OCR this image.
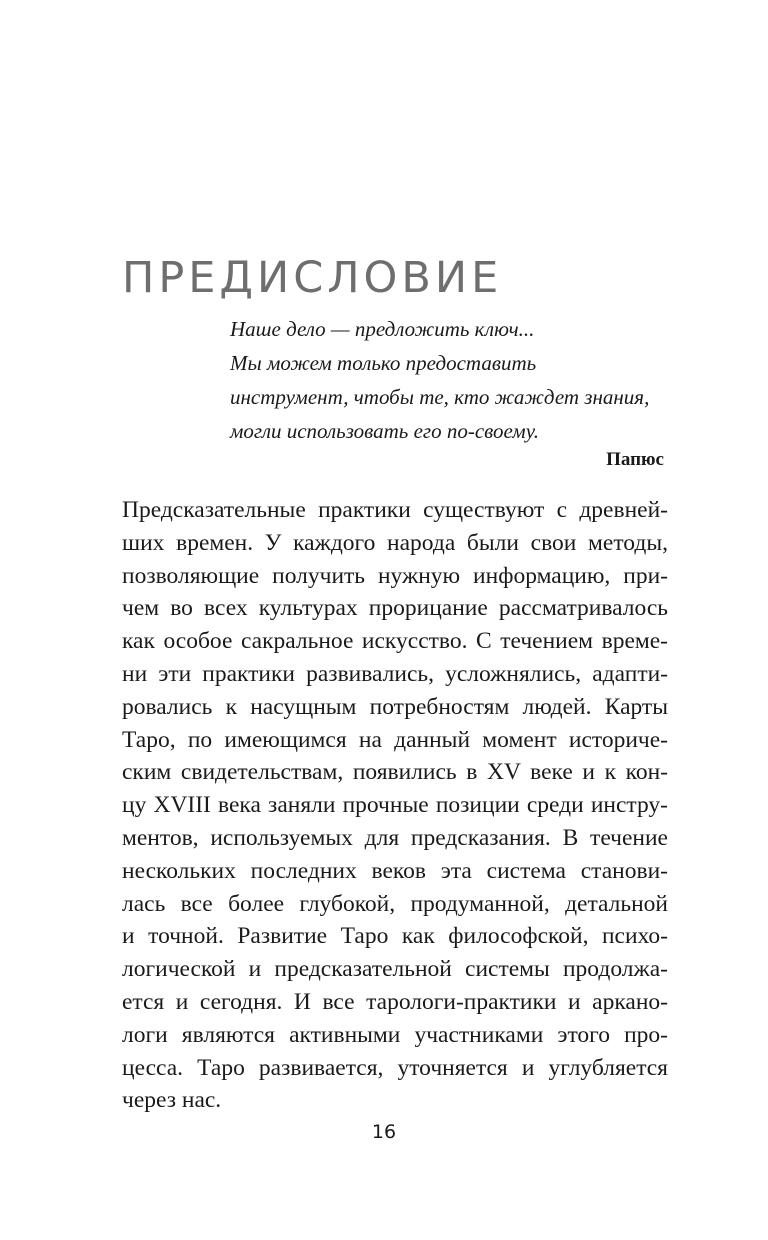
ПРЕДИСЛОВИЕ
Наше дело — предложить ключ...
Мы можем только предоставить
инструмент, чтобы те, кто жаждет знания,
могли использовать его по-своему.
Папюс
Предсказательные практики существуют с древней-
ших времен. У каждого народа были свои методы,
позволяющие получить нужную информацию, при-
чем во всех культурах прорицание рассматривалось
как особое сакральное искусство. С течением време-
ни эти практики развивались, усложнялись, адапти-
ровались к насущным потребностям людей. Карты
Таро, по имеющимся на данный момент историче-
ским свидетельствам, появились в XV веке и к кон-
цу XVIII века заняли прочные позиции среди инстру-
ментов, используемых для предсказания. В течение
нескольких последних веков эта система станови-
лась все более глубокой, продуманной, детальной
и точной. Развитие Таро как философской, психо-
логической и предсказательной системы продолжа-
ется и сегодня. И все тарологи-практики и аркано-
логи являются активными участниками этого про-
цесса. Таро развивается, уточняется и углубляется
через нас.
16
